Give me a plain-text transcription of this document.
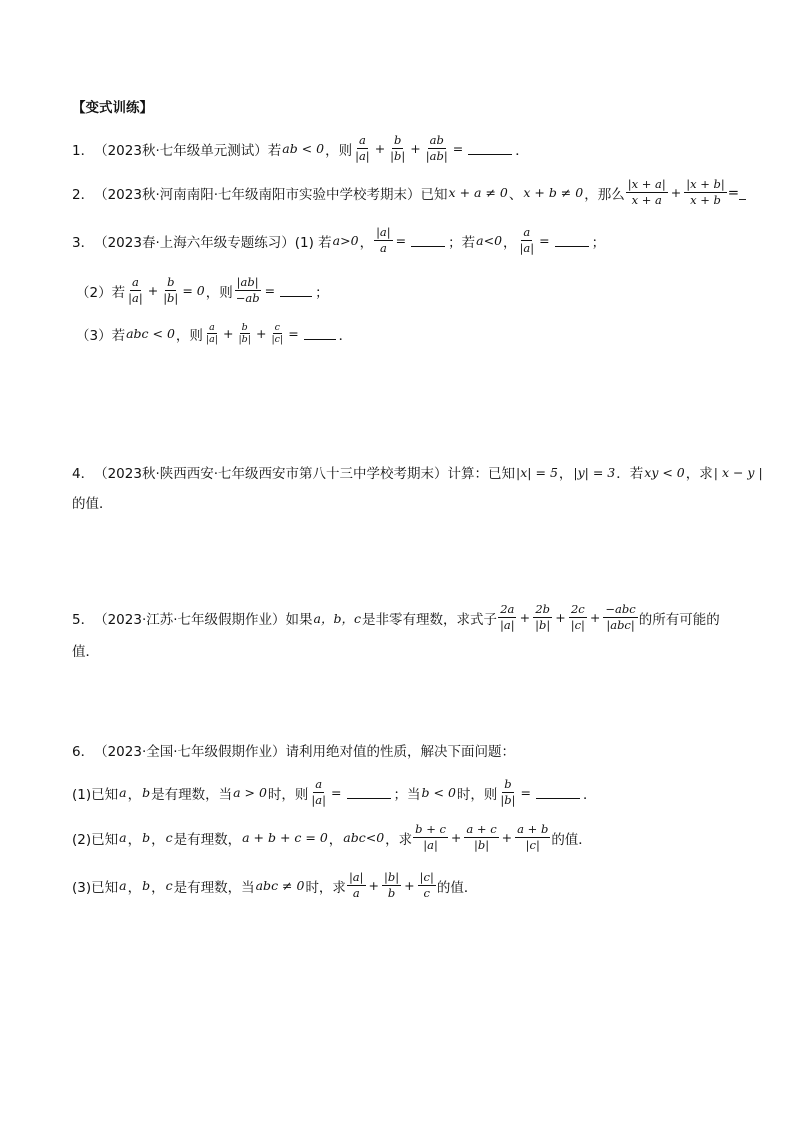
【变式训练】
1． （2023秋·七年级单元测试） 若 ab < 0 ，则 $\frac{a}{|a|} + \frac{b}{|b|} + \frac{ab}{|ab|}$ =	．
2． （2023秋·河南南阳·七年级南阳市实验中学校考期末） 已知 x + a ≠ 0 、 x + b ≠ 0 ，那么 $\frac{|x + a|}{x + a} + \frac{|x + b|}{x + b}$ =_
3． （2023春·上海六年级专题练习） (1) 若 a>0 ， $\frac{|a|}{a}$ =	；若 a<0 ， $\frac{a}{|a|}$ =	；
（2）若 $\frac{a}{|a|} + \frac{b}{|b|} = 0$ ，则 $\frac{|ab|}{-ab}$ =	；
（3）若 abc < 0 ，则 $\frac{a}{|a|} + \frac{b}{|b|} + \frac{c}{|c|}$ =	．
4． （2023秋·陕西西安·七年级西安市第八十三中学校考期末） 计算：已知 |x| = 5 ， |y| = 3 ．若 xy < 0 ，求 | x − y |
的值．
5． （2023·江苏·七年级假期作业） 如果 a，b，c 是非零有理数，求式子 $\frac{2a}{|a|} + \frac{2b}{|b|} + \frac{2c}{|c|} + \frac{\text{−abc}}{\text{|abc|}}$ 的所有可能的
值．
6． （2023·全国·七年级假期作业） 请利用绝对值的性质，解决下面问题：
(1)已知 a ， b 是有理数，当 a > 0 时，则 $\frac{a}{|a|}$ =	；当 b < 0 时，则 $\frac{b}{|b|}$ =	．
(2)已知 a ， b ， c 是有理数， a + b + c = 0 ， abc<0 ，求 $\frac{b + c}{|a|} + \frac{a + c}{|b|} + \frac{a + b}{|c|}$ 的值．
(3)已知 a ， b ， c 是有理数，当 abc ≠ 0 时，求 $\frac{|a|}{a} + \frac{|b|}{b} + \frac{|c|}{c}$ 的值．
